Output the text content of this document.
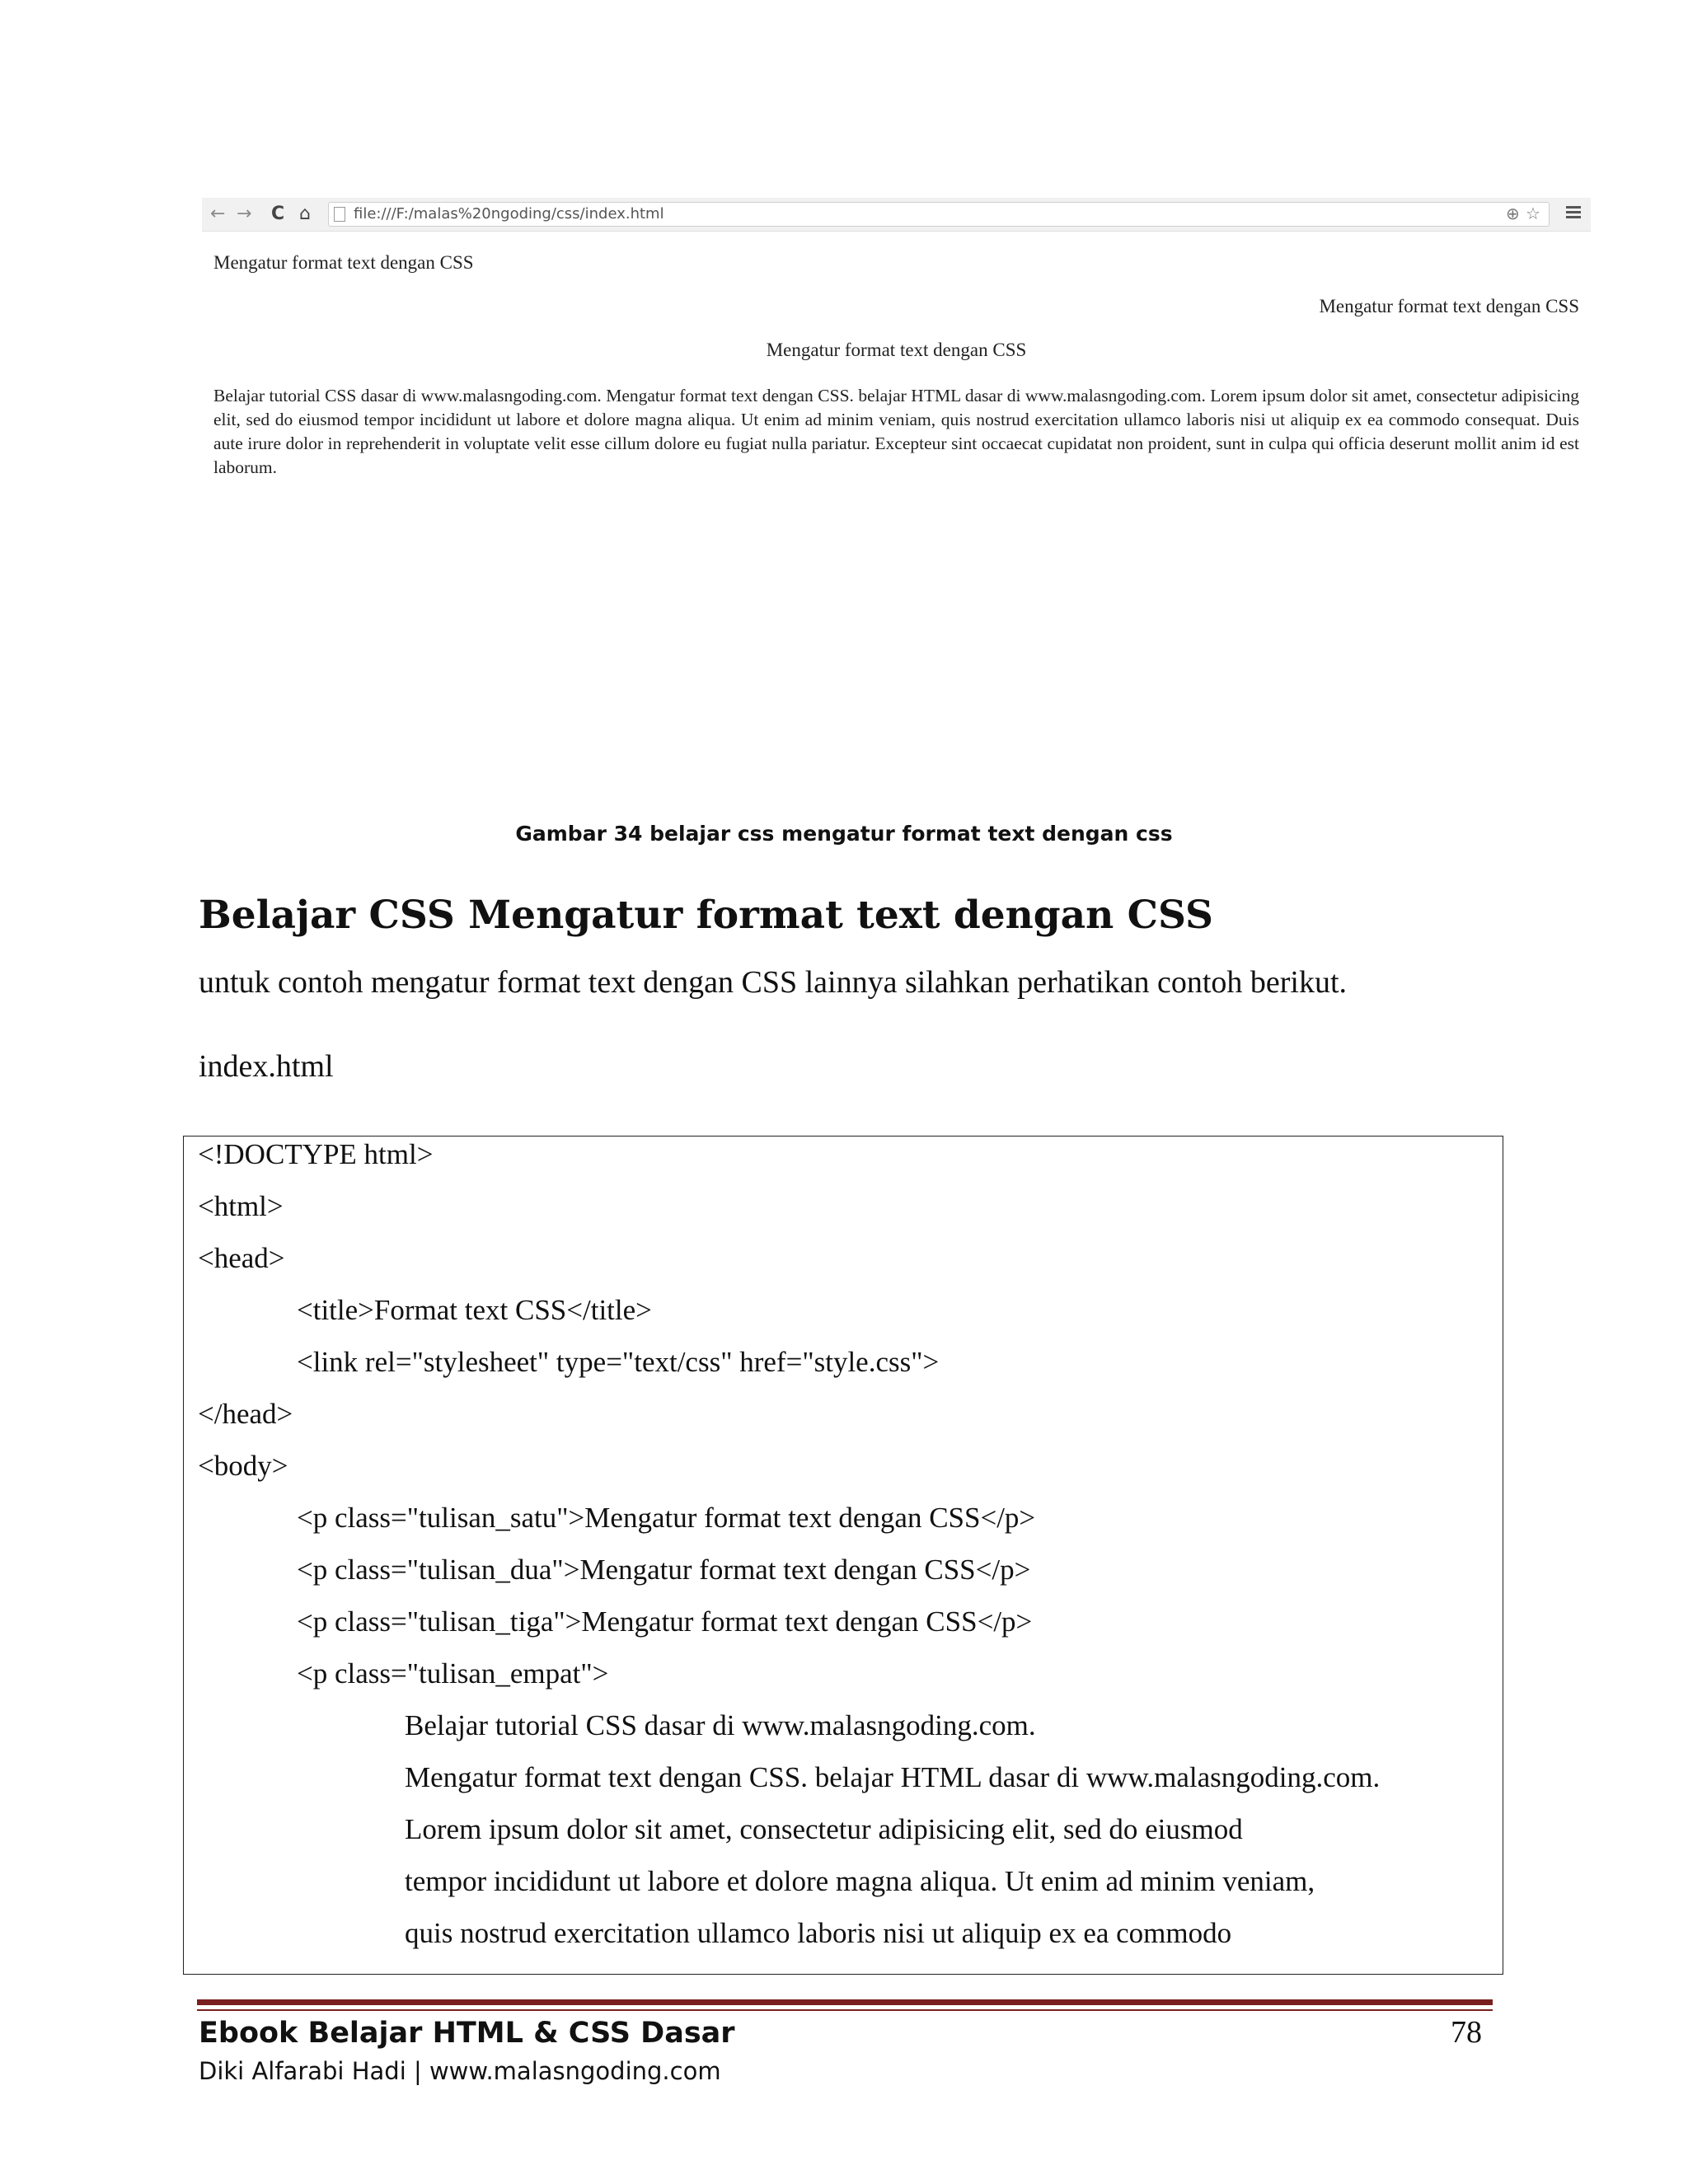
← → C ⌂	file:///F:/malas%20ngoding/css/index.html	⊕ ☆
Mengatur format text dengan CSS
Mengatur format text dengan CSS
Mengatur format text dengan CSS

Belajar tutorial CSS dasar di www.malasngoding.com. Mengatur format text dengan CSS. belajar HTML dasar di www.malasngoding.com. Lorem ipsum dolor sit amet, consectetur adipisicing elit, sed do eiusmod tempor incididunt ut labore et dolore magna aliqua. Ut enim ad minim veniam, quis nostrud exercitation ullamco laboris nisi ut aliquip ex ea commodo consequat. Duis aute irure dolor in reprehenderit in voluptate velit esse cillum dolore eu fugiat nulla pariatur. Excepteur sint occaecat cupidatat non proident, sunt in culpa qui officia deserunt mollit anim id est laborum.

Gambar 34 belajar css mengatur format text dengan css
Belajar CSS Mengatur format text dengan CSS

untuk contoh mengatur format text dengan CSS lainnya silahkan perhatikan contoh berikut.

index.html

<!DOCTYPE html>
<html>
<head>
<title>Format text CSS</title>
<link rel="stylesheet" type="text/css" href="style.css">
</head>
<body>
<p class="tulisan_satu">Mengatur format text dengan CSS</p>
<p class="tulisan_dua">Mengatur format text dengan CSS</p>
<p class="tulisan_tiga">Mengatur format text dengan CSS</p>
<p class="tulisan_empat">
Belajar tutorial CSS dasar di www.malasngoding.com.
Mengatur format text dengan CSS. belajar HTML dasar di www.malasngoding.com.
Lorem ipsum dolor sit amet, consectetur adipisicing elit, sed do eiusmod
tempor incididunt ut labore et dolore magna aliqua. Ut enim ad minim veniam,
quis nostrud exercitation ullamco laboris nisi ut aliquip ex ea commodo

Ebook Belajar HTML & CSS Dasar	78

Diki Alfarabi Hadi | www.malasngoding.com
